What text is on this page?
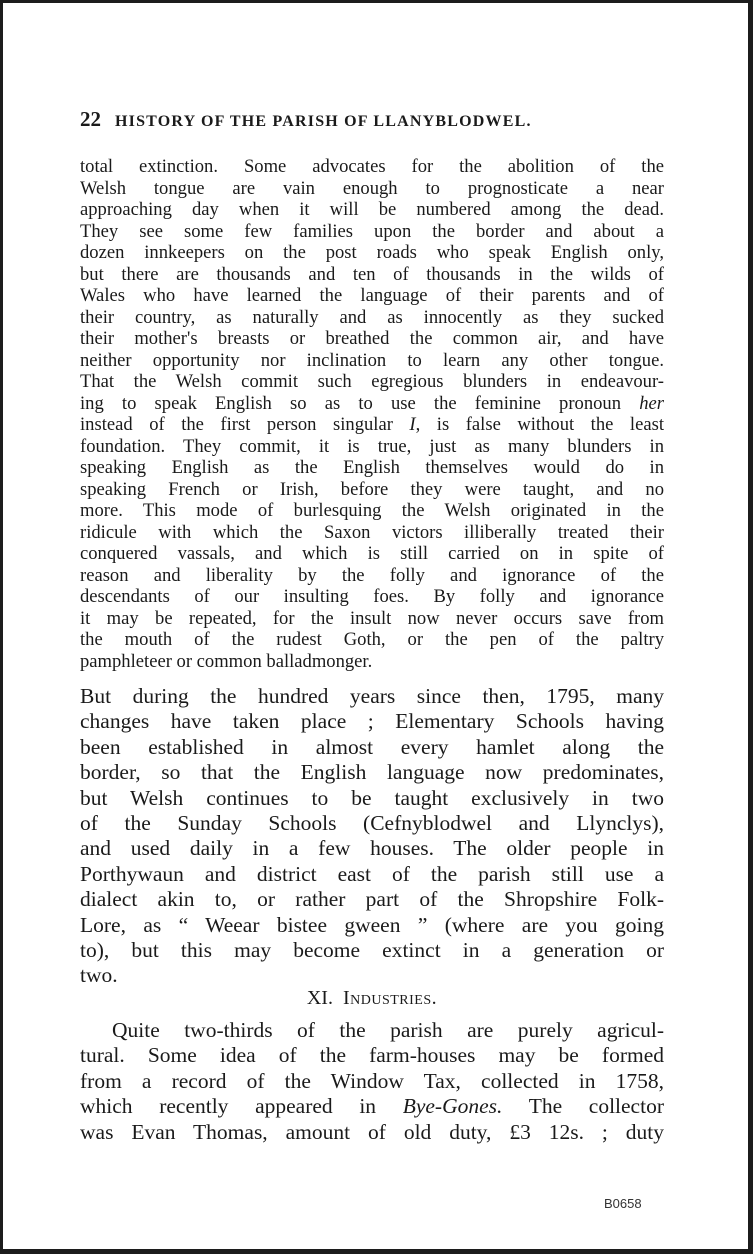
22 HISTORY OF THE PARISH OF LLANYBLODWEL.
total extinction. Some advocates for the abolition of the
Welsh tongue are vain enough to prognosticate a near
approaching day when it will be numbered among the dead.
They see some few families upon the border and about a
dozen innkeepers on the post roads who speak English only,
but there are thousands and ten of thousands in the wilds of
Wales who have learned the language of their parents and of
their country, as naturally and as innocently as they sucked
their mother's breasts or breathed the common air, and have
neither opportunity nor inclination to learn any other tongue.
That the Welsh commit such egregious blunders in endeavour-
ing to speak English so as to use the feminine pronoun her
instead of the first person singular I, is false without the least
foundation. They commit, it is true, just as many blunders in
speaking English as the English themselves would do in
speaking French or Irish, before they were taught, and no
more. This mode of burlesquing the Welsh originated in the
ridicule with which the Saxon victors illiberally treated their
conquered vassals, and which is still carried on in spite of
reason and liberality by the folly and ignorance of the
descendants of our insulting foes. By folly and ignorance
it may be repeated, for the insult now never occurs save from
the mouth of the rudest Goth, or the pen of the paltry
pamphleteer or common balladmonger.
But during the hundred years since then, 1795, many
changes have taken place ; Elementary Schools having
been established in almost every hamlet along the
border, so that the English language now predominates,
but Welsh continues to be taught exclusively in two
of the Sunday Schools (Cefnyblodwel and Llynclys),
and used daily in a few houses. The older people in
Porthywaun and district east of the parish still use a
dialect akin to, or rather part of the Shropshire Folk-
Lore, as “ Weear bistee gween ” (where are you going
to), but this may become extinct in a generation or
two.
XI. Industries.
Quite two-thirds of the parish are purely agricul-
tural. Some idea of the farm-houses may be formed
from a record of the Window Tax, collected in 1758,
which recently appeared in Bye-Gones. The collector
was Evan Thomas, amount of old duty, £3 12s. ; duty
B0658
